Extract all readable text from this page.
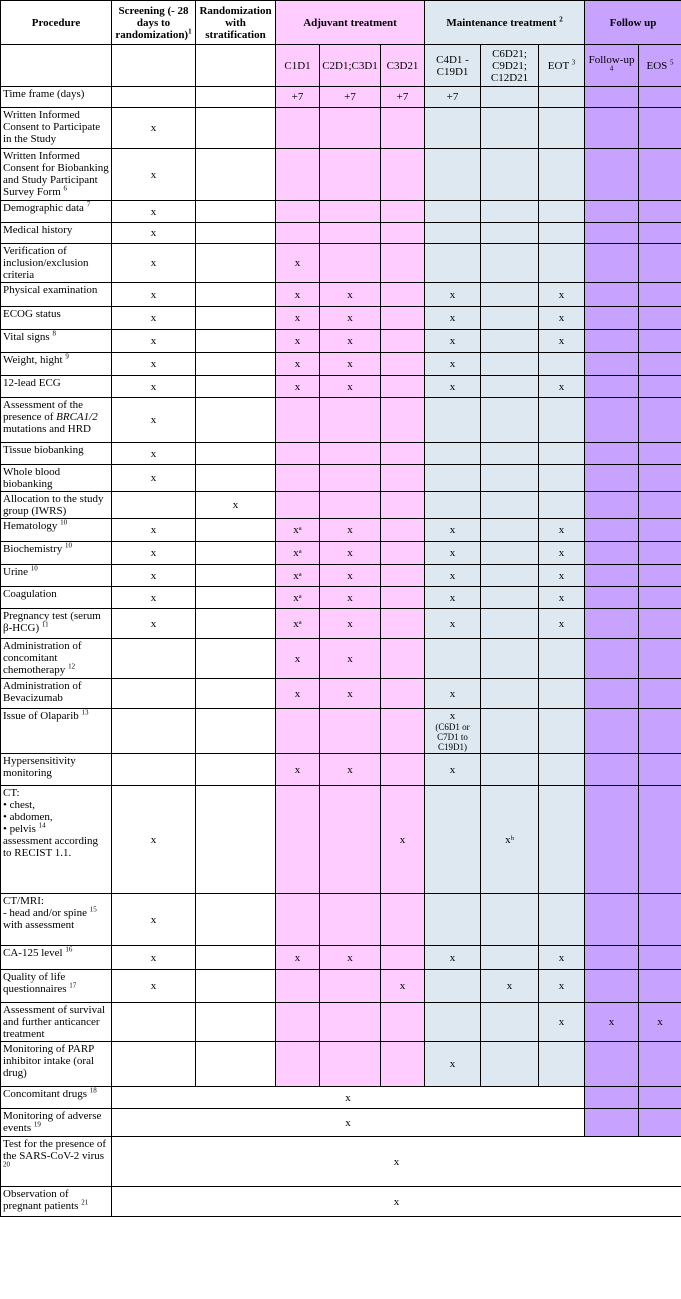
Procedure	Screening (- 28 days to randomization)$^1$	Randomization with stratification	Adjuvant treatment			Maintenance treatment $^2$			Follow up	
			C1D1	C2D1;C3D1	C3D21	C4D1 - C19D1	C6D21; C9D21; C12D21	EOT $^3$	Follow-up $^4$	EOS $^5$
Time frame (days)			+7	+7	+7	+7				
Written Informed Consent to Participate in the Study	x									
Written Informed Consent for Biobanking and Study Participant Survey Form $^6$	x									
Demographic data $^7$	x									
Medical history	x									
Verification of inclusion/exclusion criteria	x		x							
Physical examination	x		x	x		x		x		
ECOG status	x		x	x		x		x		
Vital signs $^8$	x		x	x		x		x		
Weight, hight $^9$	x		x	x		x				
12-lead ECG	x		x	x		x		x		
Assessment of the presence of BRCA1/2 mutations and HRD	x									
Tissue biobanking	x									
Whole blood biobanking	x									
Allocation to the study group (IWRS)		x								
Hematology $^{10}$	x		xᵃ	x		x		x		
Biochemistry $^{10}$	x		xᵃ	x		x		x		
Urine $^{10}$	x		xᵃ	x		x		x		
Coagulation	x		xᵃ	x		x		x		
Pregnancy test (serum β-HCG) $^{11}$	x		xᵃ	x		x		x		
Administration of concomitant chemotherapy $^{12}$			x	x						
Administration of Bevacizumab			x	x		x				
Issue of Olaparib $^{13}$						x
(C6D1 or C7D1 to C19D1)				

Hypersensitivity monitoring			x	x		x				
CT:
• chest,
• abdomen,
• pelvis $^{14}$
assessment according to RECIST 1.1.	x				x		xᵇ			
CT/MRI:
- head and/or spine $^{15}$
with assessment	x									
CA-125 level $^{16}$	x		x	x		x		x		
Quality of life questionnaires $^{17}$	x				x		x	x		
Assessment of survival and further anticancer treatment								x	x	x
Monitoring of PARP inhibitor intake (oral drug)						x				
Concomitant drugs $^{18}$	x									
Monitoring of adverse events $^{19}$	x									
Test for the presence of the SARS-CoV-2 virus $^{20}$	x									
Observation of pregnant patients $^{21}$	x									
